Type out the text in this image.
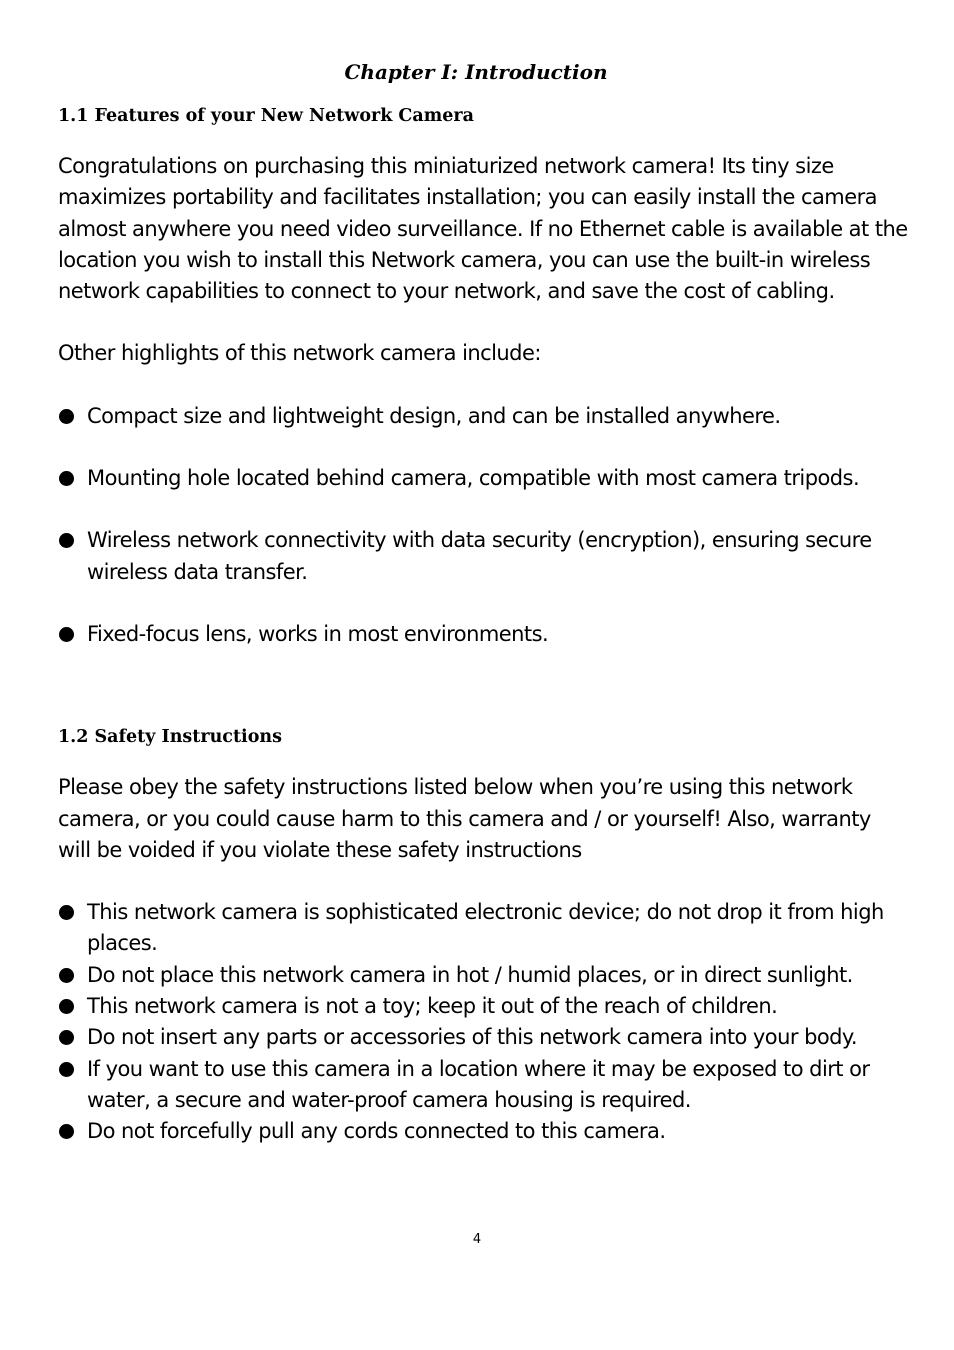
Chapter I: Introduction
1.1 Features of your New Network Camera

Congratulations on purchasing this miniaturized network camera! Its tiny size maximizes portability and facilitates installation; you can easily install the camera almost anywhere you need video surveillance. If no Ethernet cable is available at the location you wish to install this Network camera, you can use the built-in wireless network capabilities to connect to your network, and save the cost of cabling.

Other highlights of this network camera include:

Compact size and lightweight design, and can be installed anywhere.
Mounting hole located behind camera, compatible with most camera tripods.
Wireless network connectivity with data security (encryption), ensuring secure wireless data transfer.
Fixed-focus lens, works in most environments.
1.2 Safety Instructions

Please obey the safety instructions listed below when you’re using this network camera, or you could cause harm to this camera and / or yourself! Also, warranty will be voided if you violate these safety instructions

This network camera is sophisticated electronic device; do not drop it from high places.
Do not place this network camera in hot / humid places, or in direct sunlight.
This network camera is not a toy; keep it out of the reach of children.
Do not insert any parts or accessories of this network camera into your body.
If you want to use this camera in a location where it may be exposed to dirt or water, a secure and water-proof camera housing is required.
Do not forcefully pull any cords connected to this camera.
4
